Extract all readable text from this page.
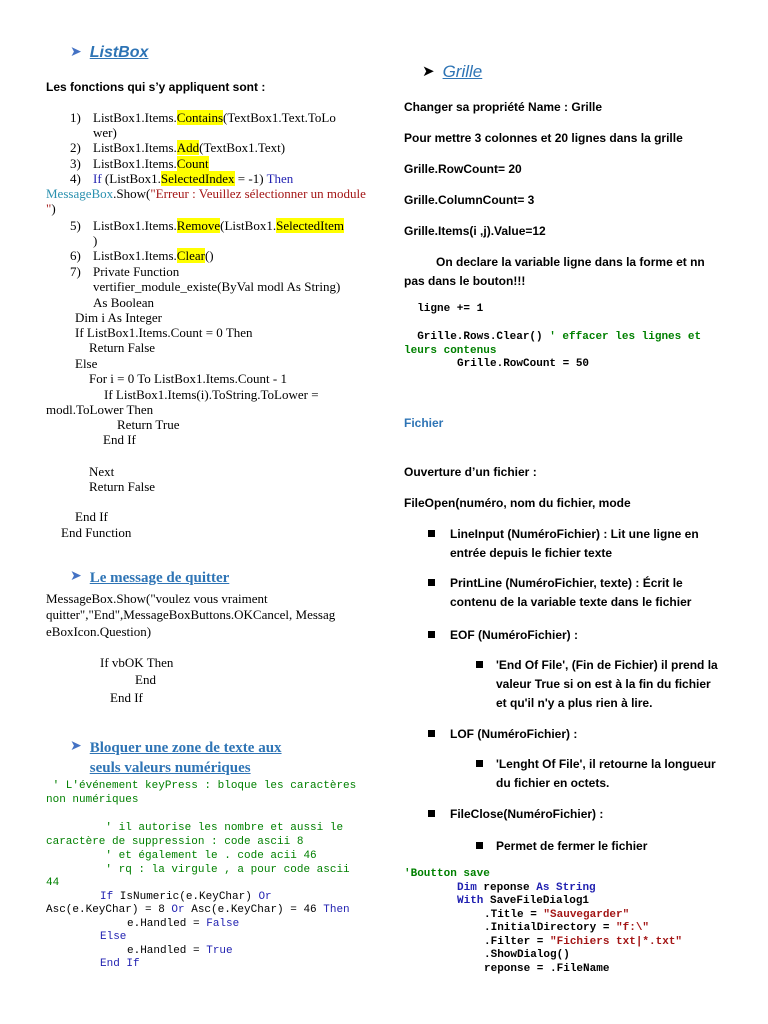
➤ ListBox
Les fonctions qui s’y appliquent sont :
1) ListBox1.Items.Contains(TextBox1.Text.ToLo
wer)
2) ListBox1.Items.Add(TextBox1.Text)
3) ListBox1.Items.Count
4) If (ListBox1.SelectedIndex = -1) Then
MessageBox.Show("Erreur : Veuillez sélectionner un module ")
5) ListBox1.Items.Remove(ListBox1.SelectedItem
)
6) ListBox1.Items.Clear()
7) Private Function
vertifier_module_existe(ByVal modl As String)
As Boolean
Dim i As Integer
If ListBox1.Items.Count = 0 Then
Return False
Else
For i = 0 To ListBox1.Items.Count - 1
If ListBox1.Items(i).ToString.ToLower =
modl.ToLower Then
Return True
End If
Next
Return False
End If
End Function
➤ Le message de quitter
MessageBox.Show("voulez vous vraiment
quitter","End",MessageBoxButtons.OKCancel, Messag
eBoxIcon.Question)
If vbOK Then
End
End If
➤ Bloquer une zone de texte aux
seuls valeurs numériques

' L'événement keyPress : bloque les caractères

non numériques

' il autorise les nombre et aussi le

caractère de suppression : code ascii 8

' et également le . code acii 46

' rq : la virgule , a pour code ascii

44

If IsNumeric(e.KeyChar) Or

Asc(e.KeyChar) = 8 Or Asc(e.KeyChar) = 46 Then

e.Handled = False

Else

e.Handled = True

End If

➤ Grille
Changer sa propriété Name : Grille
Pour mettre 3 colonnes et 20 lignes dans la grille
Grille.RowCount= 20
Grille.ColumnCount= 3
Grille.Items(i ,j).Value=12
On declare la variable ligne dans la forme et nn
pas dans le bouton!!!

ligne += 1

Grille.Rows.Clear() ' effacer les lignes et

leurs contenus

Grille.RowCount = 50

Fichier
Ouverture d’un fichier :
FileOpen(numéro, nom du fichier, mode
LineInput (NuméroFichier) : Lit une ligne en
entrée depuis le fichier texte
PrintLine (NuméroFichier, texte) : Écrit le
contenu de la variable texte dans le fichier
EOF (NuméroFichier) :
'End Of File', (Fin de Fichier) il prend la
valeur True si on est à la fin du fichier
et qu'il n'y a plus rien à lire.
LOF (NuméroFichier) :
'Lenght Of File', il retourne la longueur
du fichier en octets.
FileClose(NuméroFichier) :
Permet de fermer le fichier

'Boutton save

Dim reponse As String

With SaveFileDialog1

.Title = "Sauvegarder"

.InitialDirectory = "f:\"

.Filter = "Fichiers txt|*.txt"

.ShowDialog()

reponse = .FileName
